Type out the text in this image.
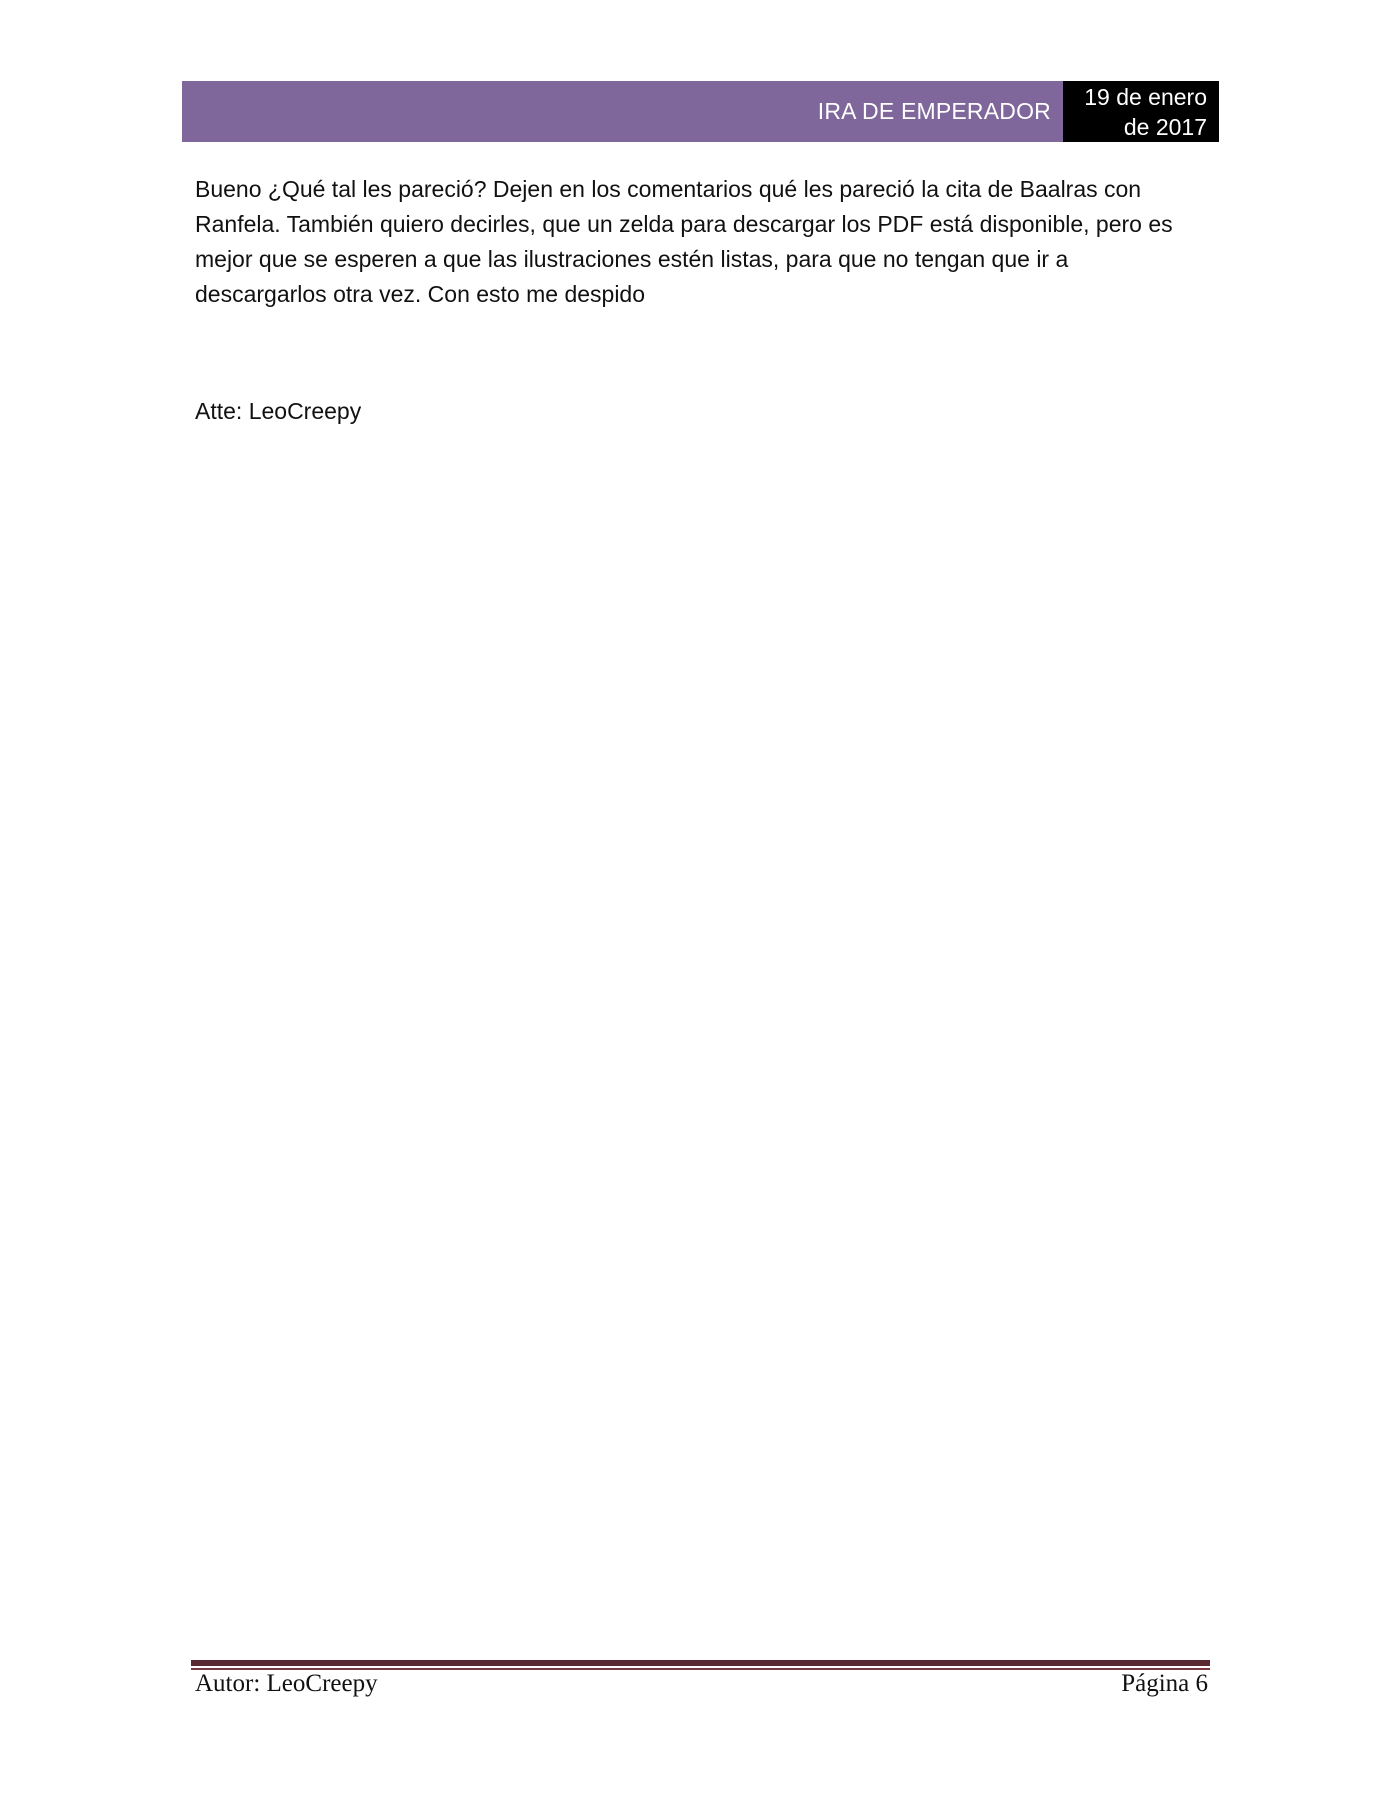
IRA DE EMPERADOR
19 de enero
de 2017

Bueno ¿Qué tal les pareció? Dejen en los comentarios qué les pareció la cita de Baalras con Ranfela. También quiero decirles, que un zelda para descargar los PDF está disponible, pero es mejor que se esperen a que las ilustraciones estén listas, para que no tengan que ir a descargarlos otra vez. Con esto me despido

Atte: LeoCreepy

Autor: LeoCreepy	Página 6
